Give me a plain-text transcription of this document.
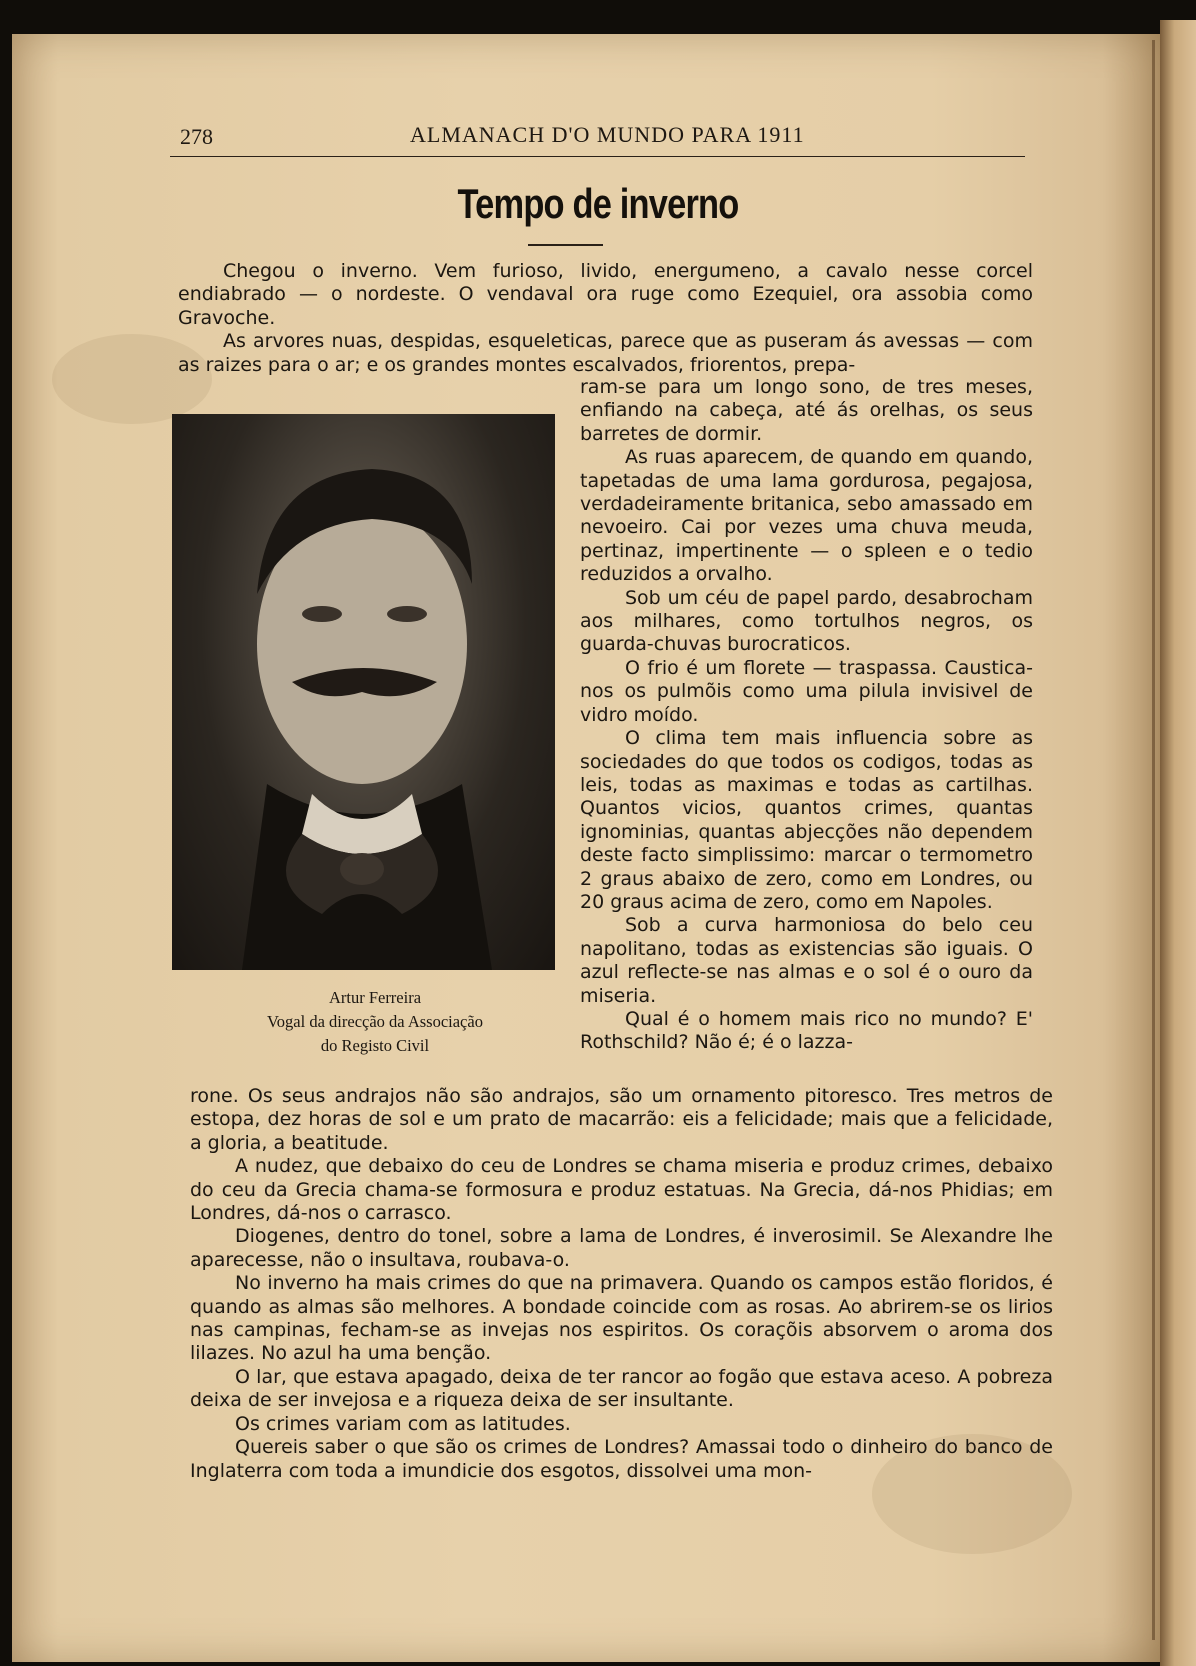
278	ALMANACH D'O MUNDO PARA 1911
Tempo de inverno

Chegou o inverno. Vem furioso, livido, energumeno, a cavalo nesse corcel endiabrado — o nordeste. O vendaval ora ruge como Ezequiel, ora assobia como Gravoche.

As arvores nuas, despidas, esqueleticas, parece que as puseram ás avessas — com as raizes para o ar; e os grandes montes escalvados, friorentos, prepa-

Artur Ferreira
Vogal da direcção da Associação
do Registo Civil

ram-se para um longo sono, de tres meses, enfiando na cabeça, até ás orelhas, os seus barretes de dormir.

As ruas aparecem, de quando em quando, tapetadas de uma lama gordurosa, pegajosa, verdadeiramente britanica, sebo amassado em nevoeiro. Cai por vezes uma chuva meuda, pertinaz, impertinente — o spleen e o tedio reduzidos a orvalho.

Sob um céu de papel pardo, desabrocham aos milhares, como tortulhos negros, os guarda-chuvas burocraticos.

O frio é um florete — traspassa. Causticа-nos os pulmõis como uma pilula invisivel de vidro moído.

O clima tem mais influencia sobre as sociedades do que todos os codigos, todas as leis, todas as maximas e todas as cartilhas. Quantos vicios, quantos crimes, quantas ignominias, quantas abjecções não dependem deste facto simplissimo: marcar o termometro 2 graus abaixo de zero, como em Londres, ou 20 graus acima de zero, como em Napoles.

Sob a curva harmoniosa do belo ceu napolitano, todas as existencias são iguais. O azul reflecte-se nas almas e o sol é o ouro da miseria.

Qual é o homem mais rico no mundo? E' Rothschild? Não é; é o lazza-

rone. Os seus andrajos não são andrajos, são um ornamento pitoresco. Tres metros de estopa, dez horas de sol e um prato de macarrão: eis a felicidade; mais que a felicidade, a gloria, a beatitude.

A nudez, que debaixo do ceu de Londres se chama miseria e produz crimes, debaixo do ceu da Grecia chama-se formosura e produz estatuas. Na Grecia, dá-nos Phidias; em Londres, dá-nos o carrasco.

Diogenes, dentro do tonel, sobre a lama de Londres, é inverosimil. Se Alexandre lhe aparecesse, não o insultava, roubava-o.

No inverno ha mais crimes do que na primavera. Quando os campos estão floridos, é quando as almas são melhores. A bondade coincide com as rosas. Ao abrirem-se os lirios nas campinas, fecham-se as invejas nos espiritos. Os coraçõis absorvem o aroma dos lilazes. No azul ha uma benção.

O lar, que estava apagado, deixa de ter rancor ao fogão que estava aceso. A pobreza deixa de ser invejosa e a riqueza deixa de ser insultante.

Os crimes variam com as latitudes.

Quereis saber o que são os crimes de Londres? Amassai todo o dinheiro do banco de Inglaterra com toda a imundicie dos esgotos, dissolvei uma mon-
